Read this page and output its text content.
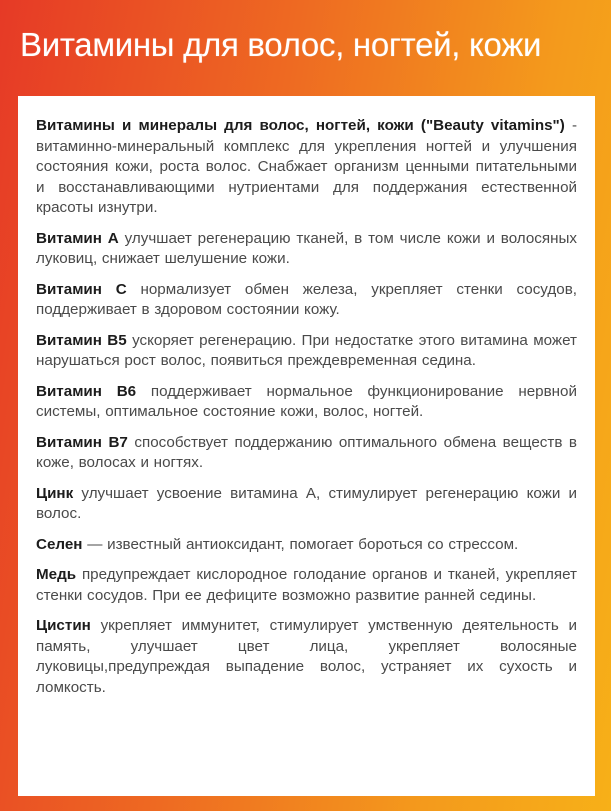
Витамины для волос, ногтей, кожи

Витамины и минералы для волос, ногтей, кожи ("Beauty vitamins") - витаминно-минеральный комплекс для укрепления ногтей и улучшения состояния кожи, роста волос. Снабжает организм ценными питательными и восстанавливающими нутриентами для поддержания естественной красоты изнутри.

Витамин А улучшает регенерацию тканей, в том числе кожи и волосяных луковиц, снижает шелушение кожи.

Витамин С нормализует обмен железа, укрепляет стенки сосудов, поддерживает в здоровом состоянии кожу.

Витамин В5 ускоряет регенерацию. При недостатке этого витамина может нарушаться рост волос, появиться преждевременная седина.

Витамин В6 поддерживает нормальное функционирование нервной системы, оптимальное состояние кожи, волос, ногтей.

Витамин В7 способствует поддержанию оптимального обмена веществ в коже, волосах и ногтях.

Цинк улучшает усвоение витамина А, стимулирует регенерацию кожи и волос.

Селен — известный антиоксидант, помогает бороться со стрессом.

Медь предупреждает кислородное голодание органов и тканей, укрепляет стенки сосудов. При ее дефиците возможно развитие ранней седины.

Цистин укрепляет иммунитет, стимулирует умственную деятельность и память, улучшает цвет лица, укрепляет волосяные луковицы,предупреждая выпадение волос, устраняет их сухость и ломкость.
